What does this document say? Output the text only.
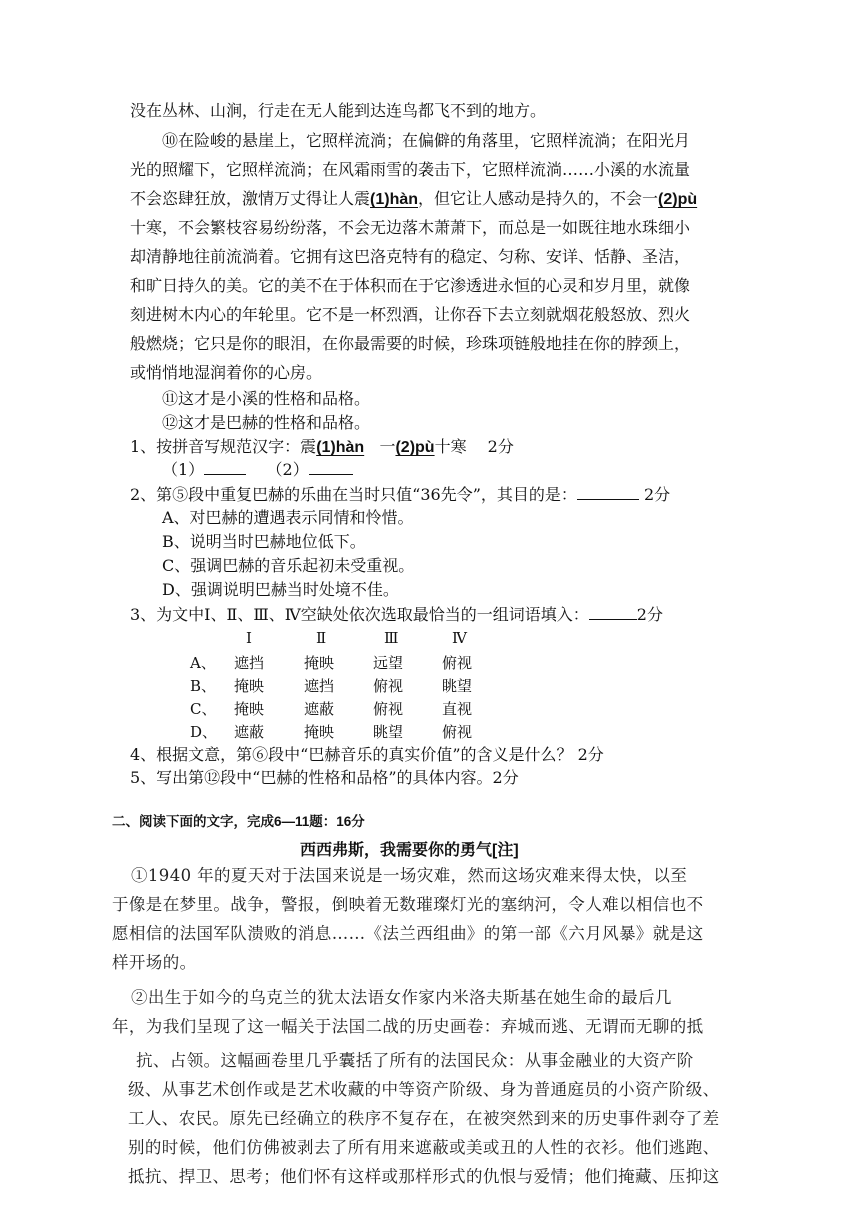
没在丛林、山涧，行走在无人能到达连鸟都飞不到的地方。
⑩在险峻的悬崖上，它照样流淌；在偏僻的角落里，它照样流淌；在阳光月
光的照耀下，它照样流淌；在风霜雨雪的袭击下，它照样流淌……小溪的水流量
不会恣肆狂放，激情万丈得让人震(1)hàn，但它让人感动是持久的，不会一(2)pù
十寒，不会繁枝容易纷纷落，不会无边落木萧萧下，而总是一如既往地水珠细小
却清静地往前流淌着。它拥有这巴洛克特有的稳定、匀称、安详、恬静、圣洁，
和旷日持久的美。它的美不在于体积而在于它渗透进永恒的心灵和岁月里，就像
刻进树木内心的年轮里。它不是一杯烈酒，让你吞下去立刻就烟花般怒放、烈火
般燃烧；它只是你的眼泪，在你最需要的时候，珍珠项链般地挂在你的脖颈上，
或悄悄地湿润着你的心房。
⑪这才是小溪的性格和品格。
⑫这才是巴赫的性格和品格。
1、按拼音写规范汉字：震(1)hàn 一(2)pù十寒　 2分
（1）	（2）
2、第⑤段中重复巴赫的乐曲在当时只值“36先令”，其目的是：	2分
A、对巴赫的遭遇表示同情和怜惜。
B、说明当时巴赫地位低下。
C、强调巴赫的音乐起初未受重视。
D、强调说明巴赫当时处境不佳。
3、为文中Ⅰ、Ⅱ、Ⅲ、Ⅳ空缺处依次选取最恰当的一组词语填入：	2分
Ⅰ	Ⅱ	Ⅲ	Ⅳ
A、 遮挡	掩映	远望	俯视
B、 掩映	遮挡	俯视	眺望
C、 掩映	遮蔽	俯视	直视
D、 遮蔽	掩映	眺望	俯视
4、根据文意，第⑥段中“巴赫音乐的真实价值”的含义是什么？ 2分
5、写出第⑫段中“巴赫的性格和品格”的具体内容。2分
二、阅读下面的文字，完成6—11题：16分
西西弗斯，我需要你的勇气[注]
①1940 年的夏天对于法国来说是一场灾难，然而这场灾难来得太快，以至
于像是在梦里。战争，警报，倒映着无数璀璨灯光的塞纳河，令人难以相信也不
愿相信的法国军队溃败的消息……《法兰西组曲》的第一部《六月风暴》就是这
样开场的。
②出生于如今的乌克兰的犹太法语女作家内米洛夫斯基在她生命的最后几
年，为我们呈现了这一幅关于法国二战的历史画卷：弃城而逃、无谓而无聊的抵
抗、占领。这幅画卷里几乎囊括了所有的法国民众：从事金融业的大资产阶
级、从事艺术创作或是艺术收藏的中等资产阶级、身为普通庭员的小资产阶级、
工人、农民。原先已经确立的秩序不复存在，在被突然到来的历史事件剥夺了差
别的时候，他们仿佛被剥去了所有用来遮蔽或美或丑的人性的衣衫。他们逃跑、
抵抗、捍卫、思考；他们怀有这样或那样形式的仇恨与爱情；他们掩藏、压抑这
